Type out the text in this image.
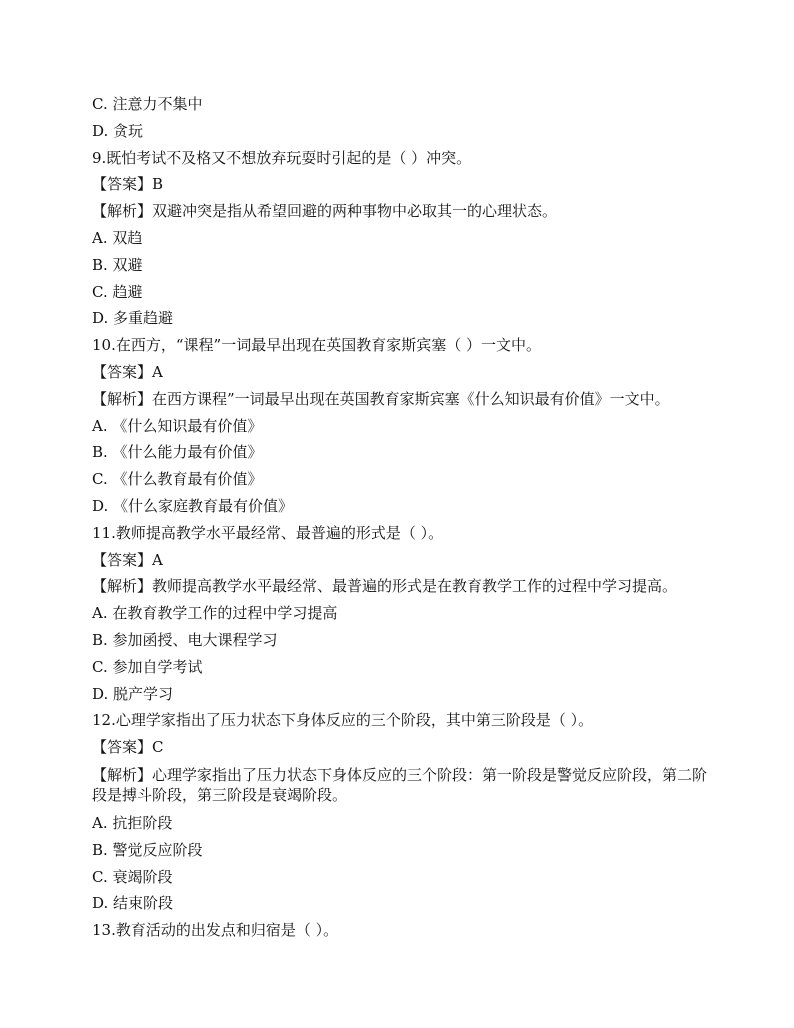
C. 注意力不集中
D. 贪玩
9.既怕考试不及格又不想放弃玩耍时引起的是（ ）冲突。
【答案】B
【解析】双避冲突是指从希望回避的两种事物中必取其一的心理状态。
A. 双趋
B. 双避
C. 趋避
D. 多重趋避
10.在西方，“课程”一词最早出现在英国教育家斯宾塞（ ）一文中。
【答案】A
【解析】在西方课程”一词最早出现在英国教育家斯宾塞《什么知识最有价值》一文中。
A. 《什么知识最有价值》
B. 《什么能力最有价值》
C. 《什么教育最有价值》
D. 《什么家庭教育最有价值》
11.教师提高教学水平最经常、最普遍的形式是（ ）。
【答案】A
【解析】教师提高教学水平最经常、最普遍的形式是在教育教学工作的过程中学习提高。
A. 在教育教学工作的过程中学习提高
B. 参加函授、电大课程学习
C. 参加自学考试
D. 脱产学习
12.心理学家指出了压力状态下身体反应的三个阶段，其中第三阶段是（ ）。
【答案】C
【解析】心理学家指出了压力状态下身体反应的三个阶段：第一阶段是警觉反应阶段，第二阶段是搏斗阶段，第三阶段是衰竭阶段。
A. 抗拒阶段
B. 警觉反应阶段
C. 衰竭阶段
D. 结束阶段
13.教育活动的出发点和归宿是（ ）。
